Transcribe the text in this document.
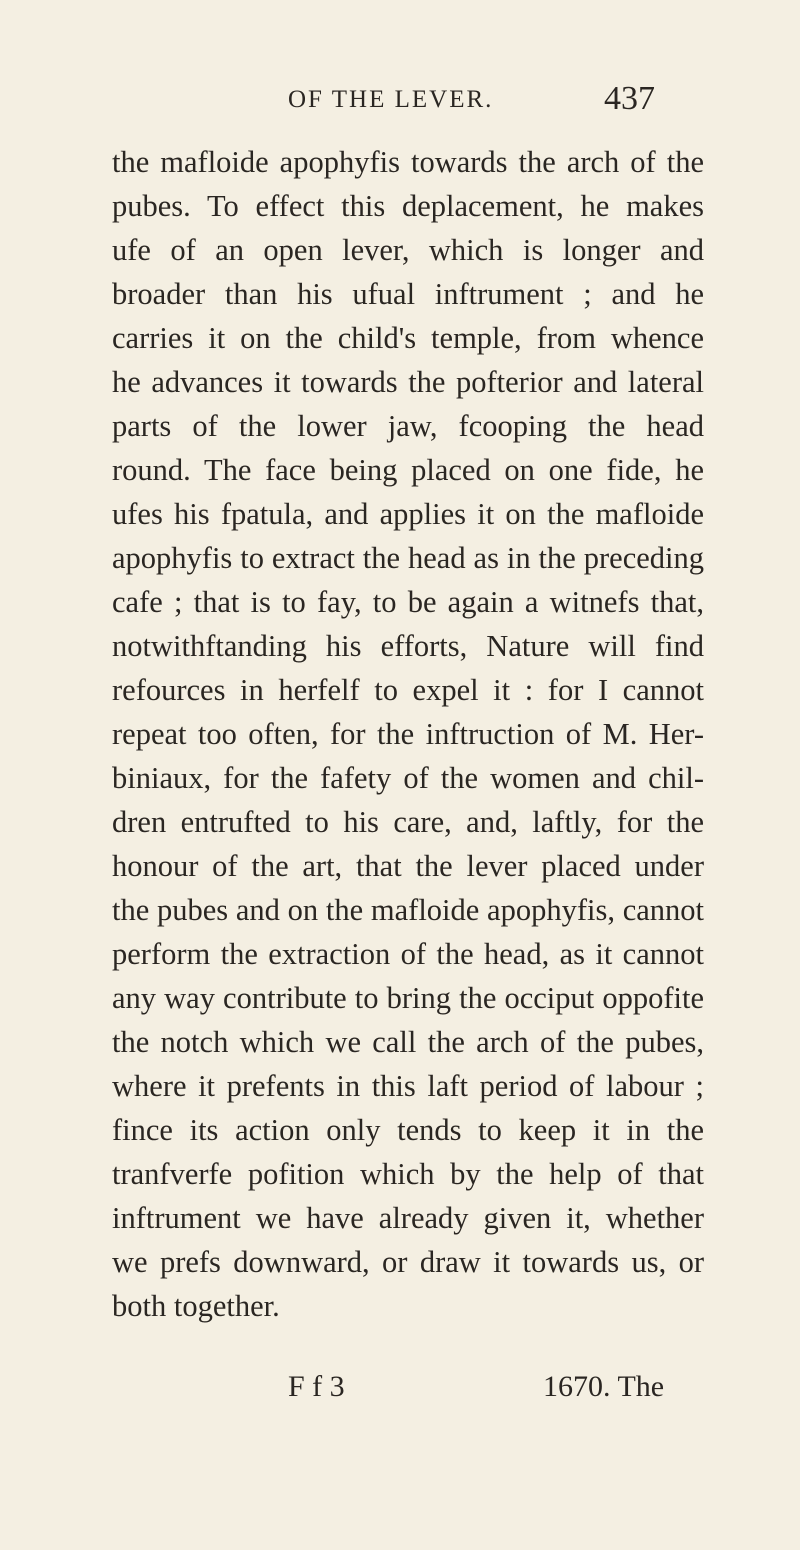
OF THE LEVER.	437
the mafloide apophyfis towards the arch of the
pubes. To effect this deplacement, he makes
ufe of an open lever, which is longer and
broader than his ufual inftrument ; and he
carries it on the child's temple, from whence
he advances it towards the pofterior and lateral
parts of the lower jaw, fcooping the head
round. The face being placed on one fide, he
ufes his fpatula, and applies it on the mafloide
apophyfis to extract the head as in the preceding
cafe ; that is to fay, to be again a witnefs that,
notwithftanding his efforts, Nature will find
refources in herfelf to expel it : for I cannot
repeat too often, for the inftruction of M. Her-
biniaux, for the fafety of the women and chil-
dren entrufted to his care, and, laftly, for the
honour of the art, that the lever placed under
the pubes and on the mafloide apophyfis, cannot
perform the extraction of the head, as it cannot
any way contribute to bring the occiput oppofite
the notch which we call the arch of the pubes,
where it prefents in this laft period of labour ;
fince its action only tends to keep it in the
tranfverfe pofition which by the help of that
inftrument we have already given it, whether
we prefs downward, or draw it towards us, or
both together.
F f 3	1670. The
